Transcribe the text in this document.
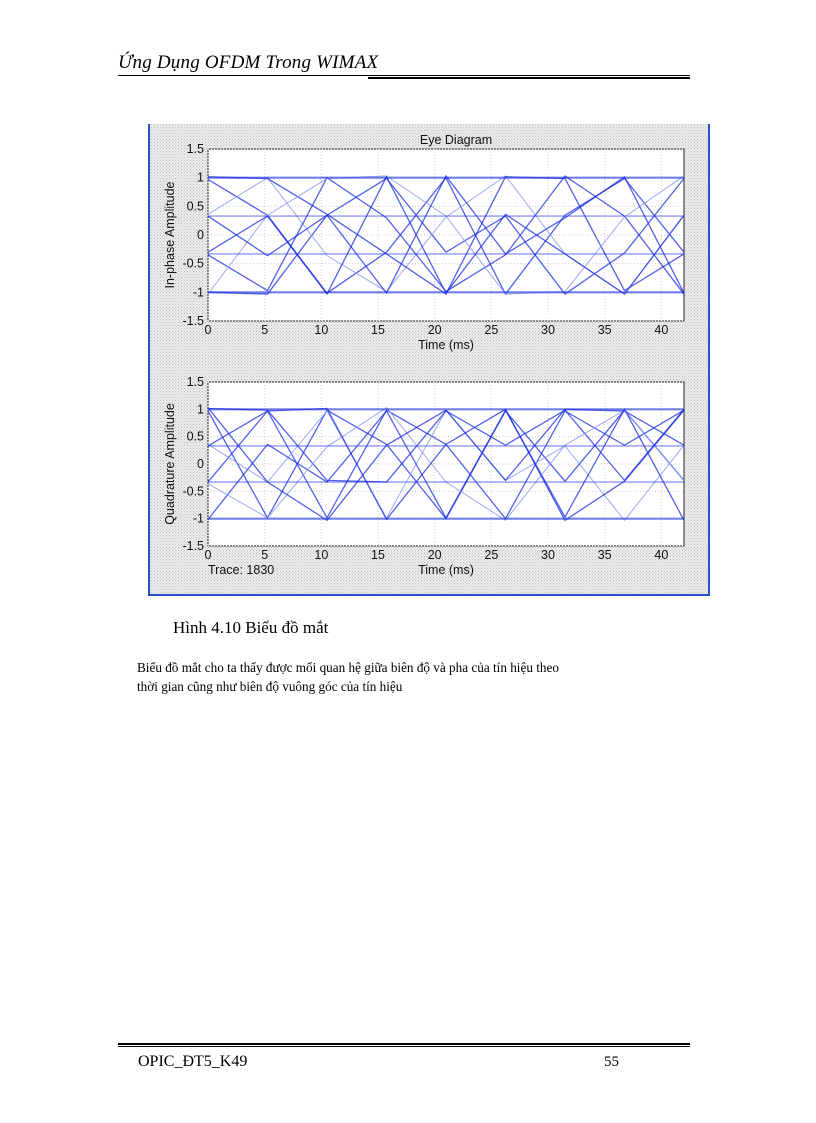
Ứng Dụng OFDM Trong WIMAX
0	5	10	15	20	25	30	35	40
1.5
1
0.5
0
-0.5
-1
-1.5
Time (ms)
In-phase Amplitude
Eye Diagram
0	5	10	15	20	25	30	35	40
1.5
1
0.5
0
-0.5
-1
-1.5
Time (ms)
Quadrature Amplitude
Trace: 1830
Hình 4.10 Biểu đồ mắt

Biểu đồ mắt cho ta thấy được mối quan hệ giữa biên độ và pha của tín hiệu theo

thời gian cũng như biên độ vuông góc của tín hiệu

OPIC_ĐT5_K49	55
